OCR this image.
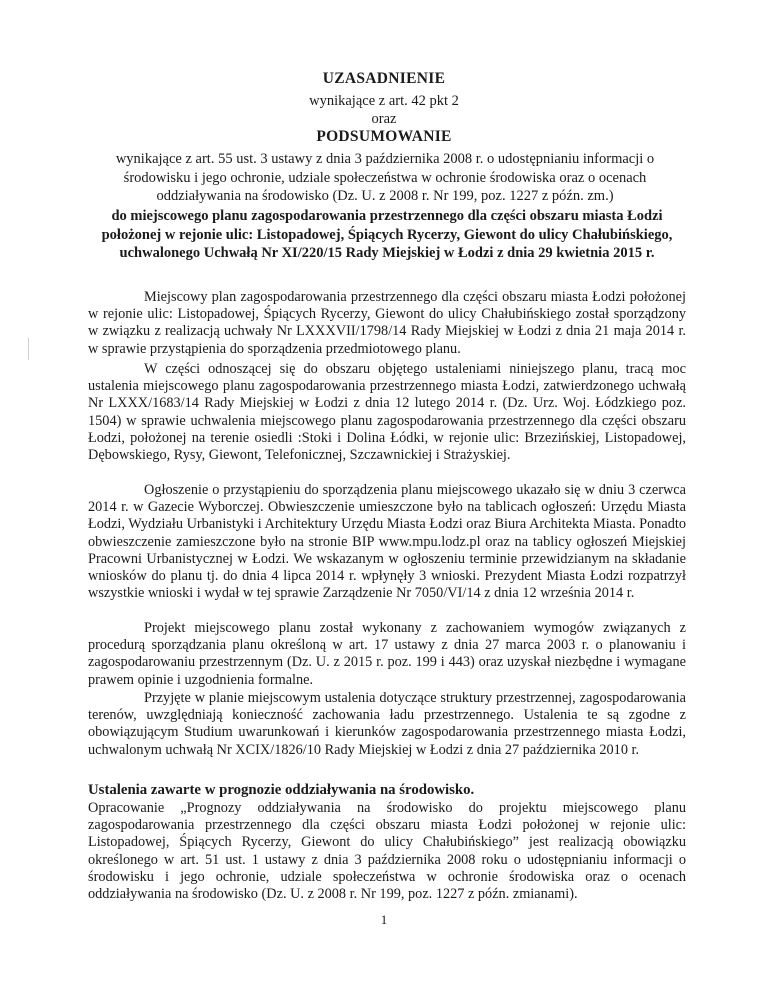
UZASADNIENIE
wynikające z art. 42 pkt 2
oraz
PODSUMOWANIE
wynikające z art. 55 ust. 3 ustawy z dnia 3 października 2008 r. o udostępnianiu informacji o środowisku i jego ochronie, udziale społeczeństwa w ochronie środowiska oraz o ocenach oddziaływania na środowisko (Dz. U. z 2008 r. Nr 199, poz. 1227 z późn. zm.)
do miejscowego planu zagospodarowania przestrzennego dla części obszaru miasta Łodzi położonej w rejonie ulic: Listopadowej, Śpiących Rycerzy, Giewont do ulicy Chałubińskiego, uchwalonego Uchwałą Nr XI/220/15 Rady Miejskiej w Łodzi z dnia 29 kwietnia 2015 r.
Miejscowy plan zagospodarowania przestrzennego dla części obszaru miasta Łodzi położonej w rejonie ulic: Listopadowej, Śpiących Rycerzy, Giewont do ulicy Chałubińskiego został sporządzony w związku z realizacją uchwały Nr LXXXVII/1798/14 Rady Miejskiej w Łodzi z dnia 21 maja 2014 r. w sprawie przystąpienia do sporządzenia przedmiotowego planu.
W części odnoszącej się do obszaru objętego ustaleniami niniejszego planu, tracą moc ustalenia miejscowego planu zagospodarowania przestrzennego miasta Łodzi, zatwierdzonego uchwałą Nr LXXX/1683/14 Rady Miejskiej w Łodzi z dnia 12 lutego 2014 r. (Dz. Urz. Woj. Łódzkiego poz. 1504) w sprawie uchwalenia miejscowego planu zagospodarowania przestrzennego dla części obszaru Łodzi, położonej na terenie osiedli :Stoki i Dolina Łódki, w rejonie ulic: Brzezińskiej, Listopadowej, Dębowskiego, Rysy, Giewont, Telefonicznej, Szczawnickiej i Strażyskiej.
Ogłoszenie o przystąpieniu do sporządzenia planu miejscowego ukazało się w dniu 3 czerwca 2014 r. w Gazecie Wyborczej. Obwieszczenie umieszczone było na tablicach ogłoszeń: Urzędu Miasta Łodzi, Wydziału Urbanistyki i Architektury Urzędu Miasta Łodzi oraz Biura Architekta Miasta. Ponadto obwieszczenie zamieszczone było na stronie BIP www.mpu.lodz.pl oraz na tablicy ogłoszeń Miejskiej Pracowni Urbanistycznej w Łodzi. We wskazanym w ogłoszeniu terminie przewidzianym na składanie wniosków do planu tj. do dnia 4 lipca 2014 r. wpłynęły 3 wnioski. Prezydent Miasta Łodzi rozpatrzył wszystkie wnioski i wydał w tej sprawie Zarządzenie Nr 7050/VI/14 z dnia 12 września 2014 r.
Projekt miejscowego planu został wykonany z zachowaniem wymogów związanych z procedurą sporządzania planu określoną w art. 17 ustawy z dnia 27 marca 2003 r. o planowaniu i zagospodarowaniu przestrzennym (Dz. U. z 2015 r. poz. 199 i 443) oraz uzyskał niezbędne i wymagane prawem opinie i uzgodnienia formalne.
Przyjęte w planie miejscowym ustalenia dotyczące struktury przestrzennej, zagospodarowania terenów, uwzględniają konieczność zachowania ładu przestrzennego. Ustalenia te są zgodne z obowiązującym Studium uwarunkowań i kierunków zagospodarowania przestrzennego miasta Łodzi, uchwalonym uchwałą Nr XCIX/1826/10 Rady Miejskiej w Łodzi z dnia 27 października 2010 r.
Ustalenia zawarte w prognozie oddziaływania na środowisko.
Opracowanie „Prognozy oddziaływania na środowisko do projektu miejscowego planu zagospodarowania przestrzennego dla części obszaru miasta Łodzi położonej w rejonie ulic: Listopadowej, Śpiących Rycerzy, Giewont do ulicy Chałubińskiego” jest realizacją obowiązku określonego w art. 51 ust. 1 ustawy z dnia 3 października 2008 roku o udostępnianiu informacji o środowisku i jego ochronie, udziale społeczeństwa w ochronie środowiska oraz o ocenach oddziaływania na środowisko (Dz. U. z 2008 r. Nr 199, poz. 1227 z późn. zmianami).
1
